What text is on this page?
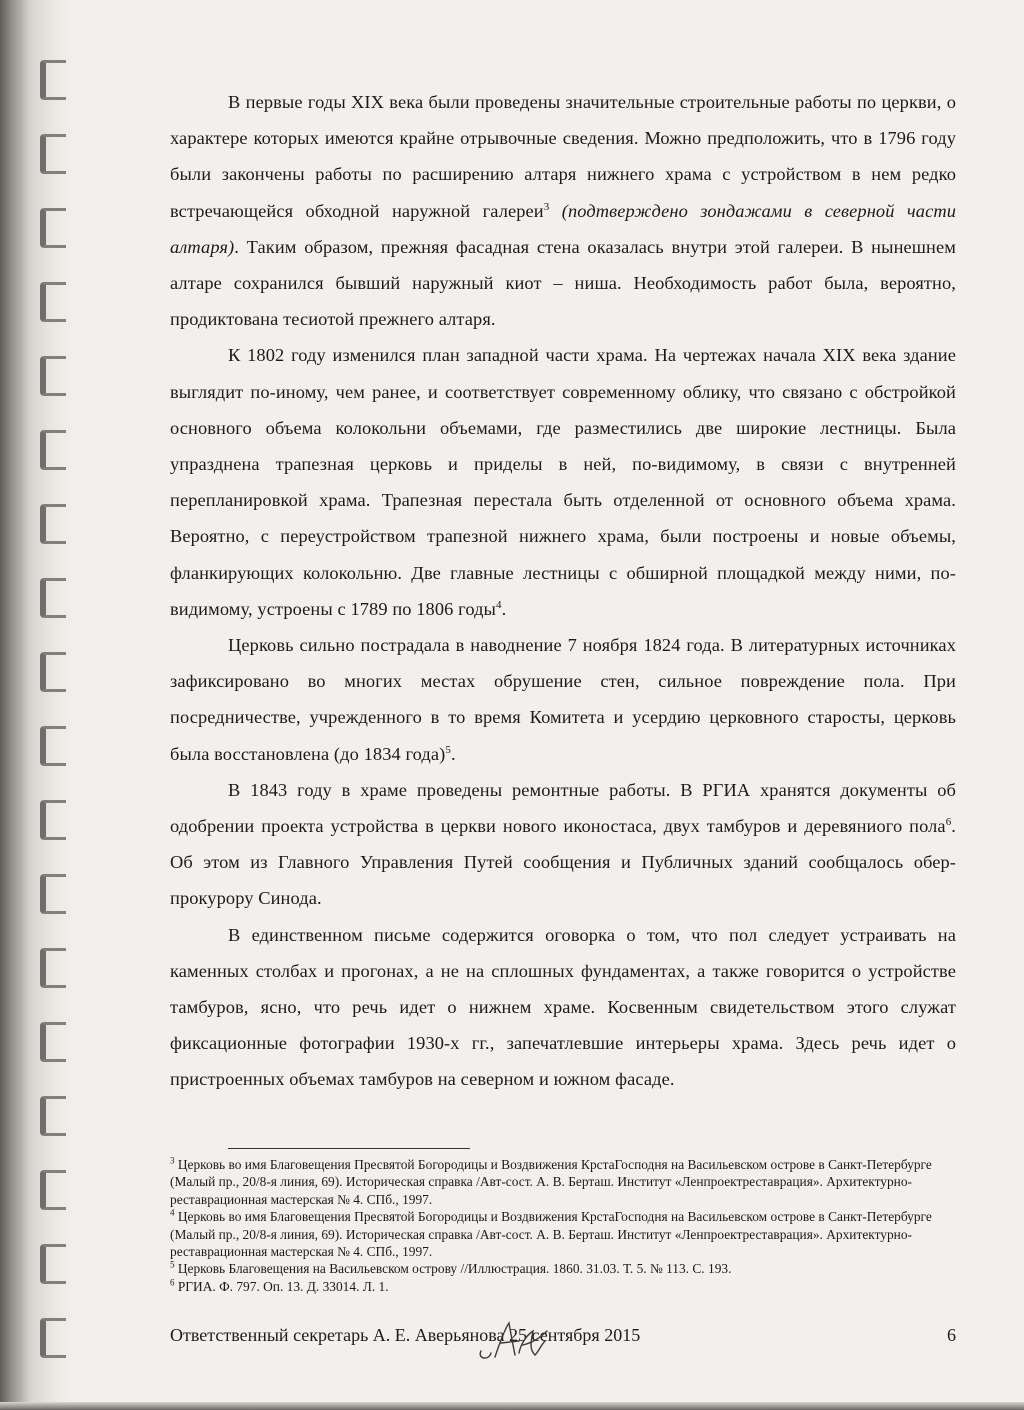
В первые годы XIX века были проведены значительные строительные работы по церкви, о характере которых имеются крайне отрывочные сведения. Можно предположить, что в 1796 году были закончены работы по расширению алтаря нижнего храма с устройством в нем редко встречающейся обходной наружной галереи$^3$ (подтверждено зондажами в северной части алтаря). Таким образом, прежняя фасадная стена оказалась внутри этой галереи. В нынешнем алтаре сохранился бывший наружный киот – ниша. Необходимость работ была, вероятно, продиктована тесиотой прежнего алтаря.

К 1802 году изменился план западной части храма. На чертежах начала XIX века здание выглядит по-иному, чем ранее, и соответствует современному облику, что связано с обстройкой основного объема колокольни объемами, где разместились две широкие лестницы. Была упразднена трапезная церковь и приделы в ней, по-видимому, в связи с внутренней перепланировкой храма. Трапезная перестала быть отделенной от основного объема храма. Вероятно, с переустройством трапезной нижнего храма, были построены и новые объемы, фланкирующих колокольню. Две главные лестницы с обширной площадкой между ними, по-видимому, устроены с 1789 по 1806 годы$^4$.

Церковь сильно пострадала в наводнение 7 ноября 1824 года. В литературных источниках зафиксировано во многих местах обрушение стен, сильное повреждение пола. При посредничестве, учрежденного в то время Комитета и усердию церковного старосты, церковь была восстановлена (до 1834 года)$^5$.

В 1843 году в храме проведены ремонтные работы. В РГИА хранятся документы об одобрении проекта устройства в церкви нового иконостаса, двух тамбуров и деревяниого пола$^6$. Об этом из Главного Управления Путей сообщения и Публичных зданий сообщалось обер-прокурору Синода.

В единственном письме содержится оговорка о том, что пол следует устраивать на каменных столбах и прогонах, а не на сплошных фундаментах, а также говорится о устройстве тамбуров, ясно, что речь идет о нижнем храме. Косвенным свидетельством этого служат фиксационные фотографии 1930-х гг., запечатлевшие интерьеры храма. Здесь речь идет о пристроенных объемах тамбуров на северном и южном фасаде.

$^3$ Церковь во имя Благовещения Пресвятой Богородицы и Воздвижения КрстаГосподня на Васильевском острове в Санкт-Петербурге (Малый пр., 20/8-я линия, 69). Историческая справка /Авт-сост. А. В. Берташ. Институт «Ленпроектреставрация». Архитектурно-реставрационная мастерская № 4. СПб., 1997.

$^4$ Церковь во имя Благовещения Пресвятой Богородицы и Воздвижения КрстаГосподня на Васильевском острове в Санкт-Петербурге (Малый пр., 20/8-я линия, 69). Историческая справка /Авт-сост. А. В. Берташ. Институт «Ленпроектреставрация». Архитектурно-реставрационная мастерская № 4. СПб., 1997.

$^5$ Церковь Благовещения на Васильевском острову //Иллюстрация. 1860. 31.03. Т. 5. № 113. С. 193.

$^6$ РГИА. Ф. 797. Оп. 13. Д. 33014. Л. 1.

Ответственный секретарь А. Е. Аверьянова 25 сентября 2015	6
